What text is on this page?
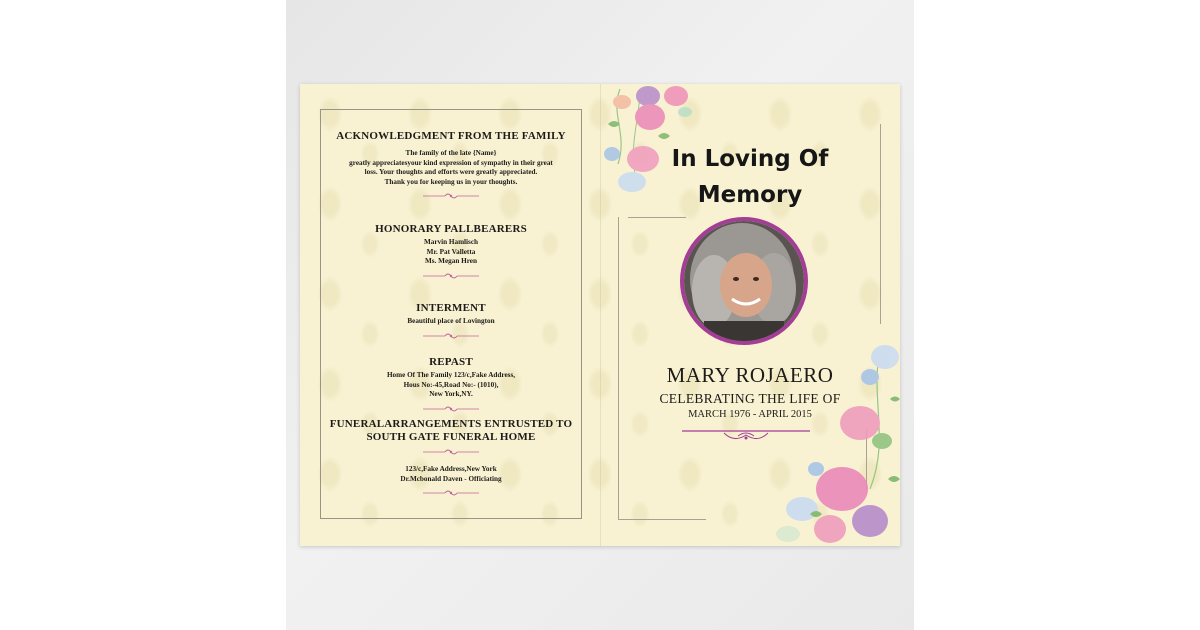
ACKNOWLEDGMENT FROM THE FAMILY
The family of the late {Name}
greatly appreciatesyour kind expression of sympathy in their great
loss. Your thoughts and efforts were greatly appreciated.
Thank you for keeping us in your thoughts.
HONORARY PALLBEARERS
Marvin Hamlisch
Mr. Pat Valletta
Ms. Megan Hren
INTERMENT
Beautiful place of Lovington
REPAST
Home Of The Family 123/c,Fake Address,
Hous No:-45,Road No:- (1010),
New York,NY.
FUNERALARRANGEMENTS ENTRUSTED TO
SOUTH GATE FUNERAL HOME
123/c,Fake Address,New York
Dr.Mcbonald Daven - Officiating
In Loving Of
Memory
MARY ROJAERO
CELEBRATING THE LIFE OF
MARCH 1976 - APRIL 2015
